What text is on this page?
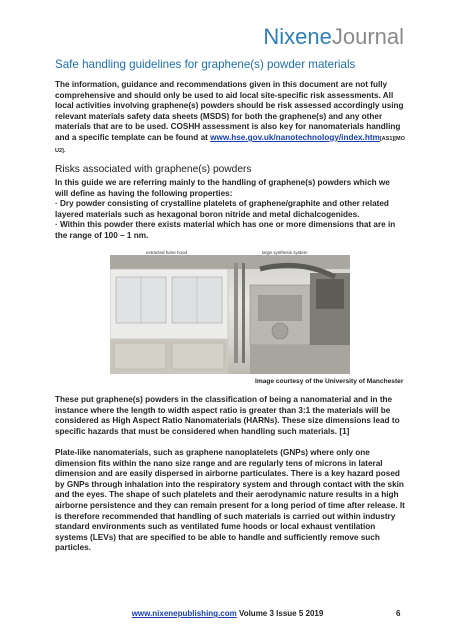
NixeneJournal
Safe handling guidelines for graphene(s) powder materials

The information, guidance and recommendations given in this document are not fully comprehensive and should only be used to aid local site-specific risk assessments. All local activities involving graphene(s) powders should be risk assessed accordingly using relevant materials safety data sheets (MSDS) for both the graphene(s) and any other materials that are to be used. COSHH assessment is also key for nanomaterials handling and a specific template can be found at www.hse.gov.uk/nanotechnology/index.htm[AS1][MO U2].

Risks associated with graphene(s) powders

In this guide we are referring mainly to the handling of graphene(s) powders which we will define as having the following properties:
· Dry powder consisting of crystalline platelets of graphene/graphite and other related layered materials such as hexagonal boron nitride and metal dichalcogenides.
· Within this powder there exists material which has one or more dimensions that are in the range of 100 – 1 nm.

extracted fume hood	large synthesis system
Image courtesy of the University of Manchester

These put graphene(s) powders in the classification of being a nanomaterial and in the instance where the length to width aspect ratio is greater than 3:1 the materials will be considered as High Aspect Ratio Nanomaterials (HARNs). These size dimensions lead to specific hazards that must be considered when handling such materials. [1]

Plate-like nanomaterials, such as graphene nanoplatelets (GNPs) where only one dimension fits within the nano size range and are regularly tens of microns in lateral dimension and are easily dispersed in airborne particulates. There is a key hazard posed by GNPs through inhalation into the respiratory system and through contact with the skin and the eyes. The shape of such platelets and their aerodynamic nature results in a high airborne persistence and they can remain present for a long period of time after release. It is therefore recommended that handling of such materials is carried out within industry standard environments such as ventilated fume hoods or local exhaust ventilation systems (LEVs) that are specified to be able to handle and sufficiently remove such particles.

www.nixenepublishing.com Volume 3 Issue 5 2019	6
